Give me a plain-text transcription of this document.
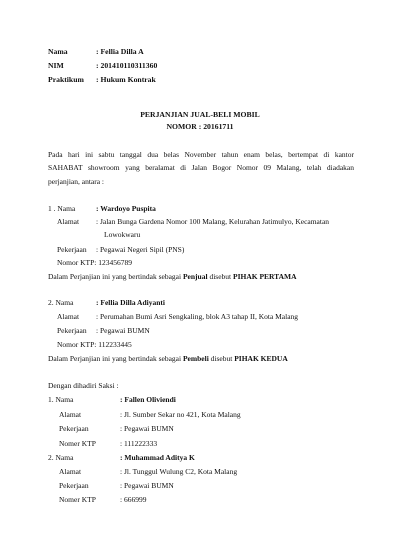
Nama	: Fellia Dilla A
NIM	: 201410110311360
Praktikum : Hukum Kontrak
PERJANJIAN JUAL-BELI MOBIL
NOMOR : 20161711
Pada hari ini sabtu tanggal dua belas November tahun enam belas, bertempat di kantor
SAHABAT showroom yang beralamat di Jalan Bogor Nomor 09 Malang, telah diadakan
perjanjian, antara :
1 . Nama	: Wardoyo Puspita
Alamat : Jalan Bunga Gardena Nomor 100 Malang, Kelurahan Jatimulyo, Kecamatan
Lowokwaru
Pekerjaan : Pegawai Negeri Sipil (PNS)
Nomor KTP: 123456789
Dalam Perjanjian ini yang bertindak sebagai Penjual disebut PIHAK PERTAMA
2. Nama	: Fellia Dilla Adiyanti
Alamat : Perumahan Bumi Asri Sengkaling, blok A3 tahap II, Kota Malang
Pekerjaan : Pegawai BUMN
Nomor KTP: 112233445
Dalam Perjanjian ini yang bertindak sebagai Pembeli disebut PIHAK KEDUA
Dengan dihadiri Saksi :
1. Nama	: Fallen Oliviendi
Alamat	: Jl. Sumber Sekar no 421, Kota Malang
Pekerjaan	: Pegawai BUMN
Nomer KTP	: 111222333
2. Nama	: Muhammad Aditya K
Alamat	: Jl. Tunggul Wulung C2, Kota Malang
Pekerjaan	: Pegawai BUMN
Nomer KTP	: 666999
